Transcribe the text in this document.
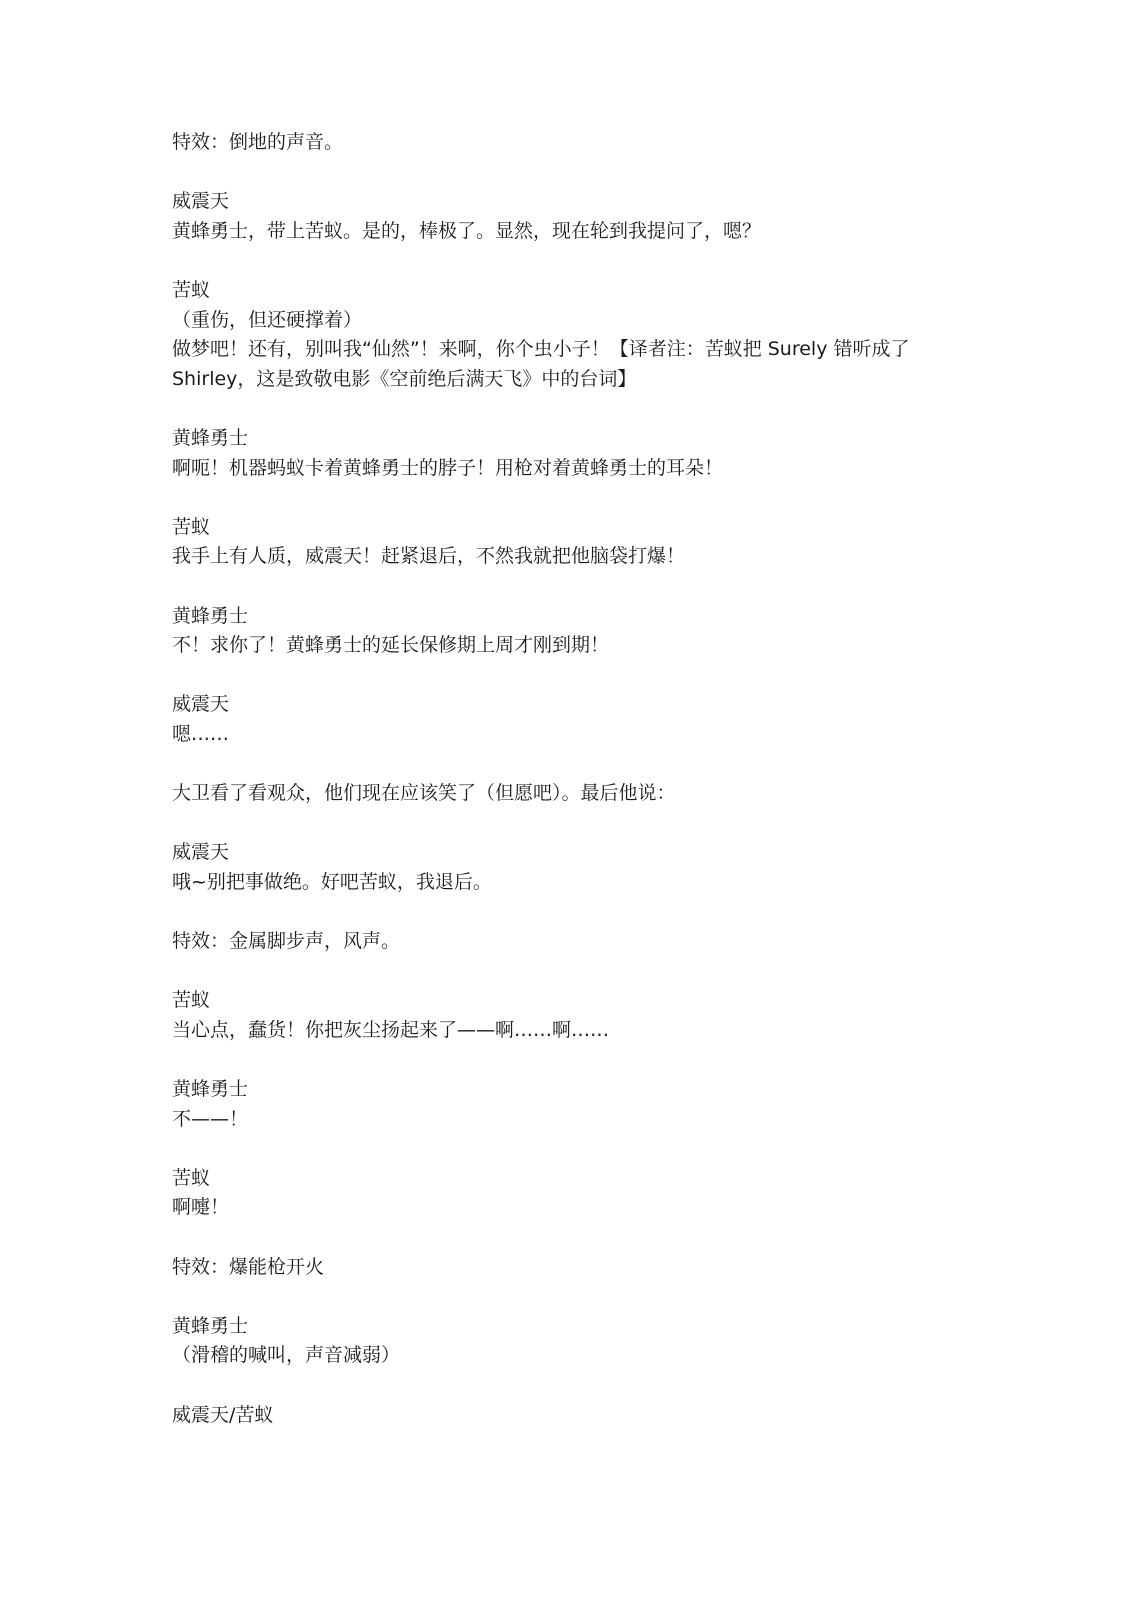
特效：倒地的声音。
威震天
黄蜂勇士，带上苦蚁。是的，棒极了。显然，现在轮到我提问了，嗯？
苦蚁
（重伤，但还硬撑着）
做梦吧！还有，别叫我“仙然”！来啊，你个虫小子！【译者注：苦蚁把 Surely 错听成了
Shirley，这是致敬电影《空前绝后满天飞》中的台词】
黄蜂勇士
啊呃！机器蚂蚁卡着黄蜂勇士的脖子！用枪对着黄蜂勇士的耳朵！
苦蚁
我手上有人质，威震天！赶紧退后，不然我就把他脑袋打爆！
黄蜂勇士
不！求你了！黄蜂勇士的延长保修期上周才刚到期！
威震天
嗯……
大卫看了看观众，他们现在应该笑了（但愿吧）。最后他说：
威震天
哦~别把事做绝。好吧苦蚁，我退后。
特效：金属脚步声，风声。
苦蚁
当心点，蠢货！你把灰尘扬起来了——啊……啊……
黄蜂勇士
不——！
苦蚁
啊嚏！
特效：爆能枪开火
黄蜂勇士
（滑稽的喊叫，声音减弱）
威震天/苦蚁
